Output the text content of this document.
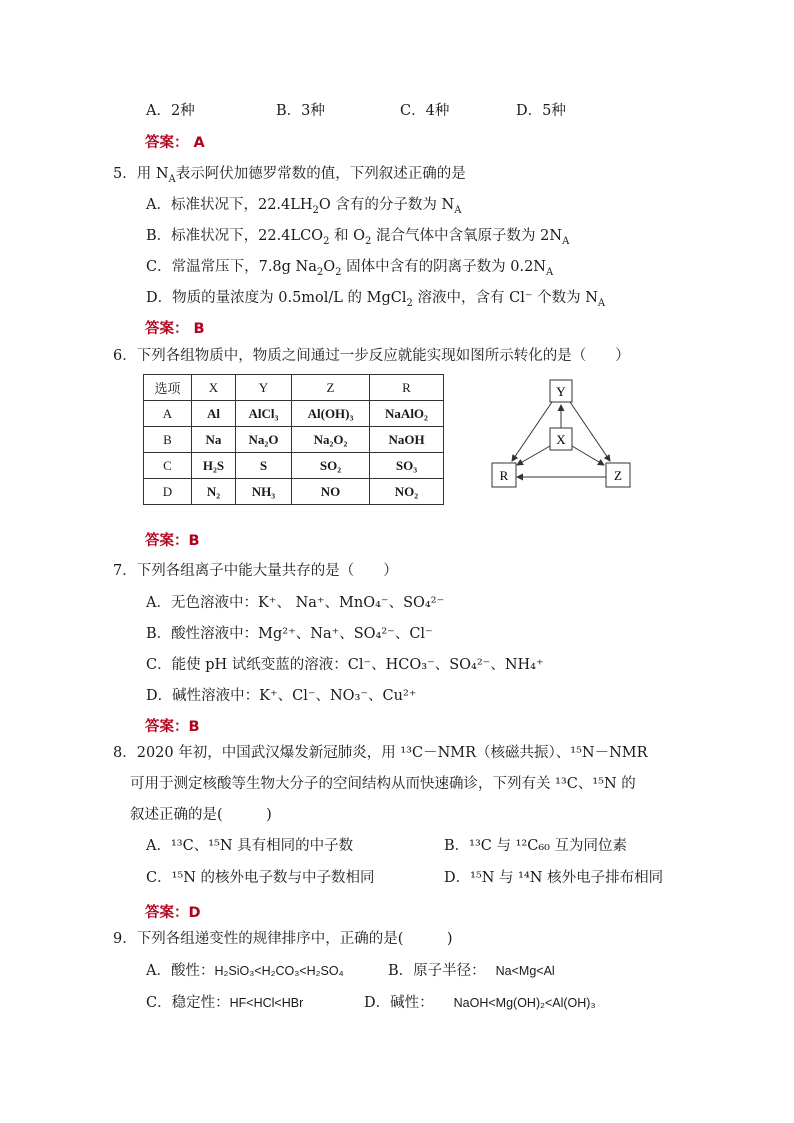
A．2种	B．3种	C．4种	D．5种
答案： A
5．用 $N_A$表示阿伏加德罗常数的值，下列叙述正确的是
A．标准状况下，$22.4LH_2O$ 含有的分子数为 $N_A$
B．标准状况下，$22.4LCO_2$ 和 $O_2$ 混合气体中含氧原子数为 $2N_A$
C．常温常压下，7.8g $Na_2O_2$ 固体中含有的阴离子数为 $0.2N_A$
D．物质的量浓度为 0.5mol/L 的 MgCl$_2$ 溶液中，含有 Cl⁻ 个数为 $N_A$
答案： B
6．下列各组物质中，物质之间通过一步反应就能实现如图所示转化的是（　　）
选项	X	Y	Z	R
A	Al	AlCl₃	Al(OH)₃	NaAlO₂
B	Na	Na₂O	Na₂O₂	NaOH
C	H₂S	S	SO₂	SO₃
D	N₂	NH₃	NO	NO₂
Y
X
R	Z
答案：B
7．下列各组离子中能大量共存的是（　　）
A．无色溶液中：K⁺、 Na⁺、MnO₄⁻、SO₄²⁻
B．酸性溶液中：Mg²⁺、Na⁺、SO₄²⁻、Cl⁻
C．能使 pH 试纸变蓝的溶液：Cl⁻、HCO₃⁻、SO₄²⁻、NH₄⁺
D．碱性溶液中：K⁺、Cl⁻、NO₃⁻、Cu²⁺
答案：B
8．2020 年初，中国武汉爆发新冠肺炎，用 ¹³C－NMR（核磁共振）、¹⁵N－NMR
可用于测定核酸等生物大分子的空间结构从而快速确诊，下列有关 ¹³C、¹⁵N 的
叙述正确的是(　　　)
A．¹³C、¹⁵N 具有相同的中子数	B．¹³C 与 ¹²C₆₀ 互为同位素
C．¹⁵N 的核外电子数与中子数相同	D．¹⁵N 与 ¹⁴N 核外电子排布相同
答案：D
9．下列各组递变性的规律排序中，正确的是(　　　)
A．酸性：H₂SiO₃<H₂CO₃<H₂SO₄	B．原子半径： Na<Mg<Al
C．稳定性：HF<HCl<HBr	D．碱性： NaOH<Mg(OH)₂<Al(OH)₃
